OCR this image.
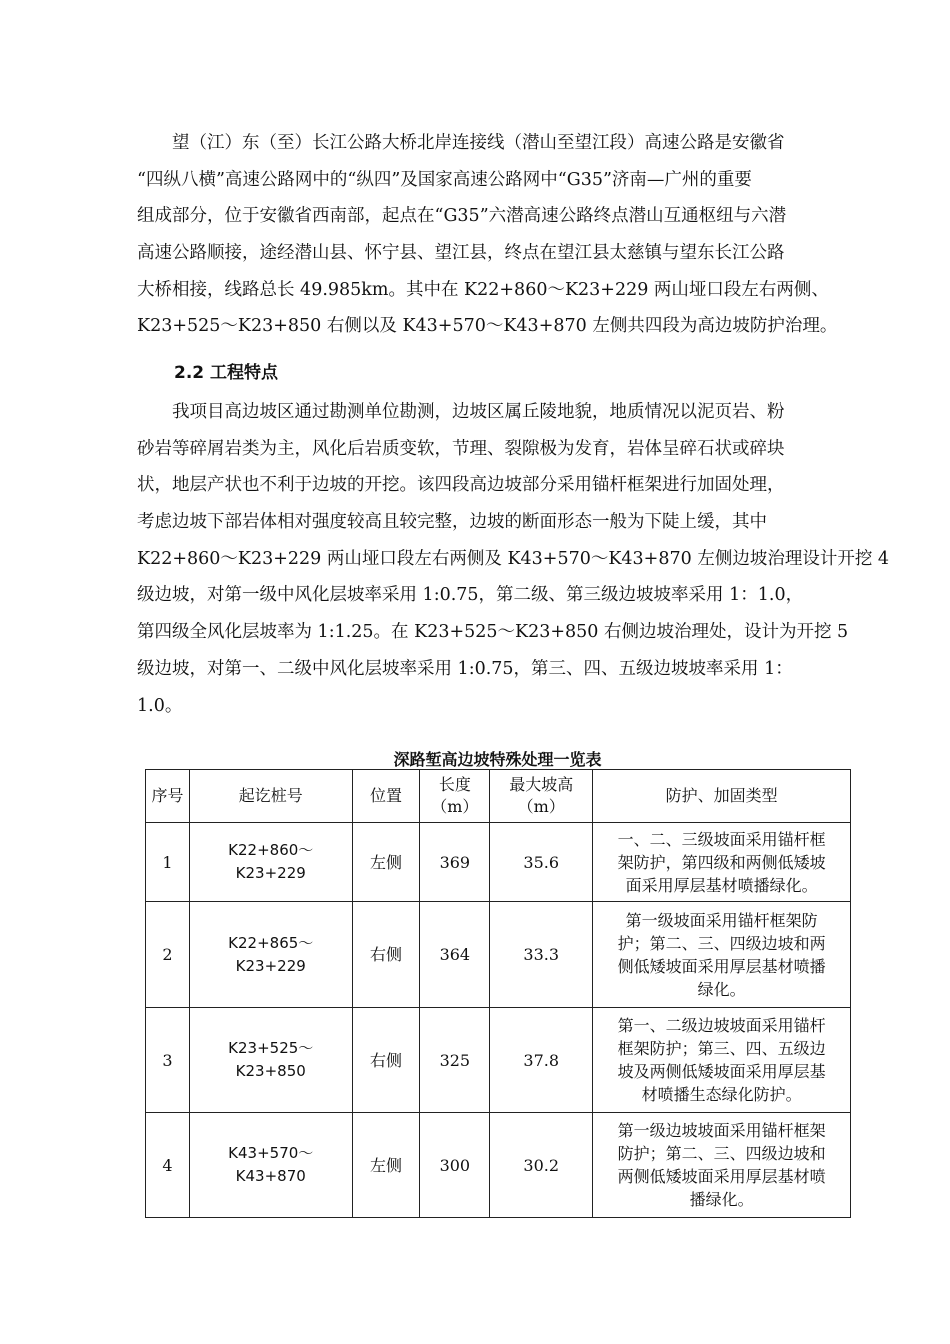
　　望（江）东（至）长江公路大桥北岸连接线（潜山至望江段）高速公路是安徽省
“四纵八横”高速公路网中的“纵四”及国家高速公路网中“G35”济南—广州的重要
组成部分，位于安徽省西南部，起点在“G35”六潜高速公路终点潜山互通枢纽与六潜
高速公路顺接，途经潜山县、怀宁县、望江县，终点在望江县太慈镇与望东长江公路
大桥相接，线路总长 49.985km。其中在 K22+860～K23+229 两山垭口段左右两侧、
K23+525～K23+850 右侧以及 K43+570～K43+870 左侧共四段为高边坡防护治理。
2.2 工程特点
　　我项目高边坡区通过勘测单位勘测，边坡区属丘陵地貌，地质情况以泥页岩、粉
砂岩等碎屑岩类为主，风化后岩质变软，节理、裂隙极为发育，岩体呈碎石状或碎块
状，地层产状也不利于边坡的开挖。该四段高边坡部分采用锚杆框架进行加固处理，
考虑边坡下部岩体相对强度较高且较完整，边坡的断面形态一般为下陡上缓，其中
K22+860～K23+229 两山垭口段左右两侧及 K43+570～K43+870 左侧边坡治理设计开挖 4
级边坡，对第一级中风化层坡率采用 1:0.75，第二级、第三级边坡坡率采用 1：1.0，
第四级全风化层坡率为 1:1.25。在 K23+525～K23+850 右侧边坡治理处，设计为开挖 5
级边坡，对第一、二级中风化层坡率采用 1:0.75，第三、四、五级边坡坡率采用 1：
1.0。
深路堑高边坡特殊处理一览表
序号	起讫桩号	位置	长度
（m）	最大坡高
（m）	防护、加固类型
1	K22+860～
K23+229	左侧	369	35.6	一、二、三级坡面采用锚杆框
架防护，第四级和两侧低矮坡
面采用厚层基材喷播绿化。

2	K22+865～
K23+229	右侧	364	33.3	第一级坡面采用锚杆框架防
护；第二、三、四级边坡和两
侧低矮坡面采用厚层基材喷播
绿化。

3	K23+525～
K23+850	右侧	325	37.8	第一、二级边坡坡面采用锚杆
框架防护；第三、四、五级边
坡及两侧低矮坡面采用厚层基
材喷播生态绿化防护。

4	K43+570～
K43+870	左侧	300	30.2	第一级边坡坡面采用锚杆框架
防护；第二、三、四级边坡和
两侧低矮坡面采用厚层基材喷
播绿化。
